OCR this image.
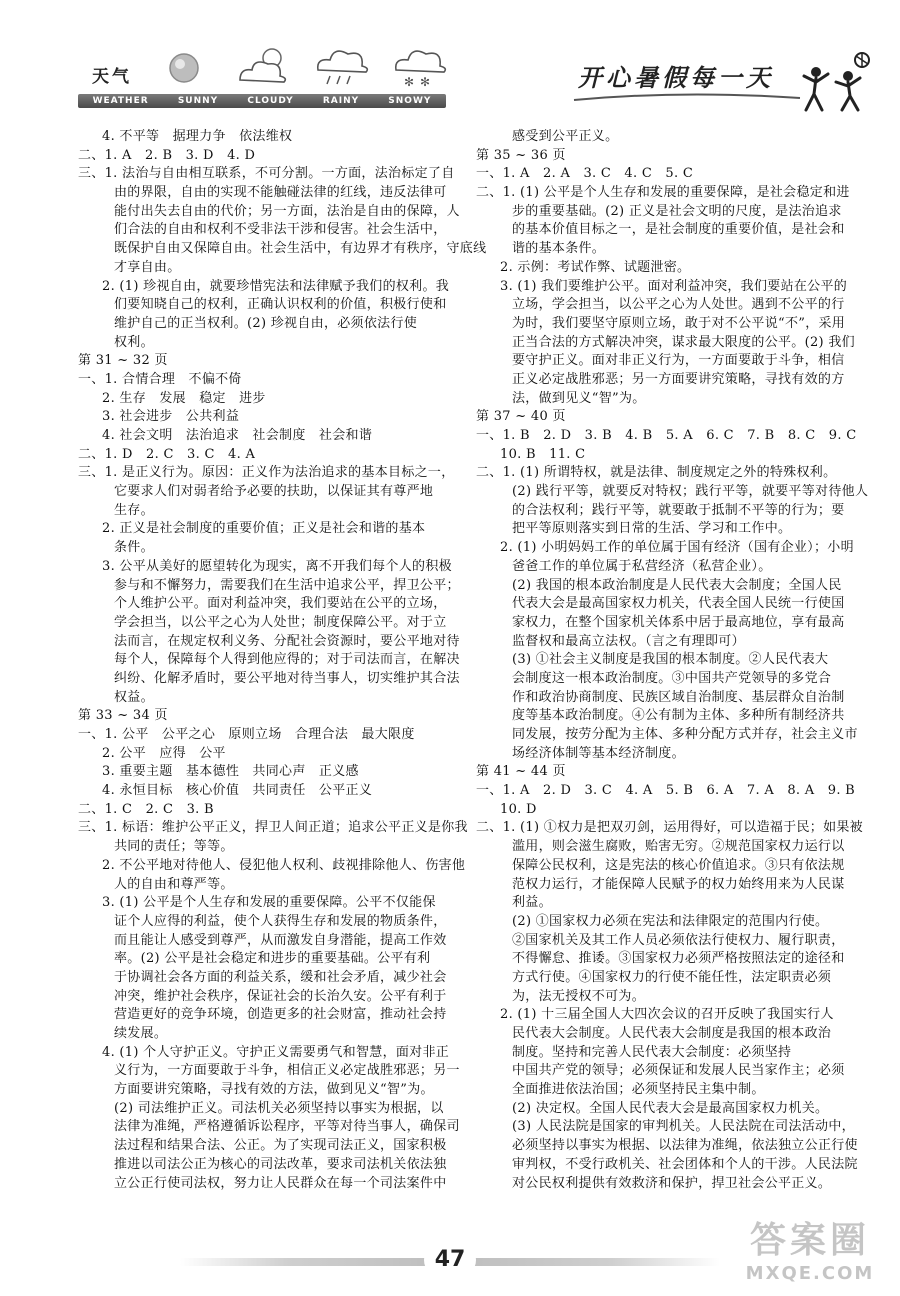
天气	✻ ✻
WEATHER	SUNNY	CLOUDY	RAINY	SNOWY
开心暑假每一天
4. 不平等　据理力争　依法维权
二、1. A　2. B　3. D　4. D
三、1. 法治与自由相互联系，不可分割。一方面，法治标定了自
由的界限，自由的实现不能触碰法律的红线，违反法律可
能付出失去自由的代价；另一方面，法治是自由的保障，人
们合法的自由和权利不受非法干涉和侵害。社会生活中，
既保护自由又保障自由。社会生活中，有边界才有秩序，守底线
才享自由。
2. (1) 珍视自由，就要珍惜宪法和法律赋予我们的权利。我
们要知晓自己的权利，正确认识权利的价值，积极行使和
维护自己的正当权利。(2) 珍视自由，必须依法行使
权利。
第 31 ~ 32 页
一、1. 合情合理　不偏不倚
2. 生存　发展　稳定　进步
3. 社会进步　公共利益
4. 社会文明　法治追求　社会制度　社会和谐
二、1. D　2. C　3. C　4. A
三、1. 是正义行为。原因：正义作为法治追求的基本目标之一，
它要求人们对弱者给予必要的扶助，以保证其有尊严地
生存。
2. 正义是社会制度的重要价值；正义是社会和谐的基本
条件。
3. 公平从美好的愿望转化为现实，离不开我们每个人的积极
参与和不懈努力，需要我们在生活中追求公平，捍卫公平；
个人维护公平。面对利益冲突，我们要站在公平的立场，
学会担当，以公平之心为人处世；制度保障公平。对于立
法而言，在规定权利义务、分配社会资源时，要公平地对待
每个人，保障每个人得到他应得的；对于司法而言，在解决
纠纷、化解矛盾时，要公平地对待当事人，切实维护其合法
权益。
第 33 ~ 34 页
一、1. 公平　公平之心　原则立场　合理合法　最大限度
2. 公平　应得　公平
3. 重要主题　基本德性　共同心声　正义感
4. 永恒目标　核心价值　共同责任　公平正义
二、1. C　2. C　3. B
三、1. 标语：维护公平正义，捍卫人间正道；追求公平正义是你我
共同的责任；等等。
2. 不公平地对待他人、侵犯他人权利、歧视排除他人、伤害他
人的自由和尊严等。
3. (1) 公平是个人生存和发展的重要保障。公平不仅能保
证个人应得的利益，使个人获得生存和发展的物质条件，
而且能让人感受到尊严，从而激发自身潜能，提高工作效
率。(2) 公平是社会稳定和进步的重要基础。公平有利
于协调社会各方面的利益关系，缓和社会矛盾，减少社会
冲突，维护社会秩序，保证社会的长治久安。公平有利于
营造更好的竞争环境，创造更多的社会财富，推动社会持
续发展。
4. (1) 个人守护正义。守护正义需要勇气和智慧，面对非正
义行为，一方面要敢于斗争，相信正义必定战胜邪恶；另一
方面要讲究策略，寻找有效的方法，做到见义“智”为。
(2) 司法维护正义。司法机关必须坚持以事实为根据，以
法律为准绳，严格遵循诉讼程序，平等对待当事人，确保司
法过程和结果合法、公正。为了实现司法正义，国家积极
推进以司法公正为核心的司法改革，要求司法机关依法独
立公正行使司法权，努力让人民群众在每一个司法案件中
感受到公平正义。
第 35 ~ 36 页
一、1. A　2. A　3. C　4. C　5. C
二、1. (1) 公平是个人生存和发展的重要保障，是社会稳定和进
步的重要基础。(2) 正义是社会文明的尺度，是法治追求
的基本价值目标之一，是社会制度的重要价值，是社会和
谐的基本条件。
2. 示例：考试作弊、试题泄密。
3. (1) 我们要维护公平。面对利益冲突，我们要站在公平的
立场，学会担当，以公平之心为人处世。遇到不公平的行
为时，我们要坚守原则立场，敢于对不公平说“不”，采用
正当合法的方式解决冲突，谋求最大限度的公平。(2) 我们
要守护正义。面对非正义行为，一方面要敢于斗争，相信
正义必定战胜邪恶；另一方面要讲究策略，寻找有效的方
法，做到见义“智”为。
第 37 ~ 40 页
一、1. B　2. D　3. B　4. B　5. A　6. C　7. B　8. C　9. C
10. B　11. C
二、1. (1) 所谓特权，就是法律、制度规定之外的特殊权利。
(2) 践行平等，就要反对特权；践行平等，就要平等对待他人
的合法权利；践行平等，就要敢于抵制不平等的行为；要
把平等原则落实到日常的生活、学习和工作中。
2. (1) 小明妈妈工作的单位属于国有经济（国有企业）；小明
爸爸工作的单位属于私营经济（私营企业）。
(2) 我国的根本政治制度是人民代表大会制度；全国人民
代表大会是最高国家权力机关，代表全国人民统一行使国
家权力，在整个国家机关体系中居于最高地位，享有最高
监督权和最高立法权。（言之有理即可）
(3) ①社会主义制度是我国的根本制度。②人民代表大
会制度这一根本政治制度。③中国共产党领导的多党合
作和政治协商制度、民族区域自治制度、基层群众自治制
度等基本政治制度。④公有制为主体、多种所有制经济共
同发展，按劳分配为主体、多种分配方式并存，社会主义市
场经济体制等基本经济制度。
第 41 ~ 44 页
一、1. A　2. D　3. C　4. A　5. B　6. A　7. A　8. A　9. B
10. D
二、1. (1) ①权力是把双刃剑，运用得好，可以造福于民；如果被
滥用，则会滋生腐败，贻害无穷。②规范国家权力运行以
保障公民权利，这是宪法的核心价值追求。③只有依法规
范权力运行，才能保障人民赋予的权力始终用来为人民谋
利益。
(2) ①国家权力必须在宪法和法律限定的范围内行使。
②国家机关及其工作人员必须依法行使权力、履行职责，
不得懈怠、推诿。③国家权力必须严格按照法定的途径和
方式行使。④国家权力的行使不能任性，法定职责必须
为，法无授权不可为。
2. (1) 十三届全国人大四次会议的召开反映了我国实行人
民代表大会制度。人民代表大会制度是我国的根本政治
制度。坚持和完善人民代表大会制度：必须坚持
中国共产党的领导；必须保证和发展人民当家作主；必须
全面推进依法治国；必须坚持民主集中制。
(2) 决定权。全国人民代表大会是最高国家权力机关。
(3) 人民法院是国家的审判机关。人民法院在司法活动中，
必须坚持以事实为根据、以法律为准绳，依法独立公正行使
审判权，不受行政机关、社会团体和个人的干涉。人民法院
对公民权利提供有效救济和保护，捍卫社会公平正义。
47	答案圈
MXQE.COM
